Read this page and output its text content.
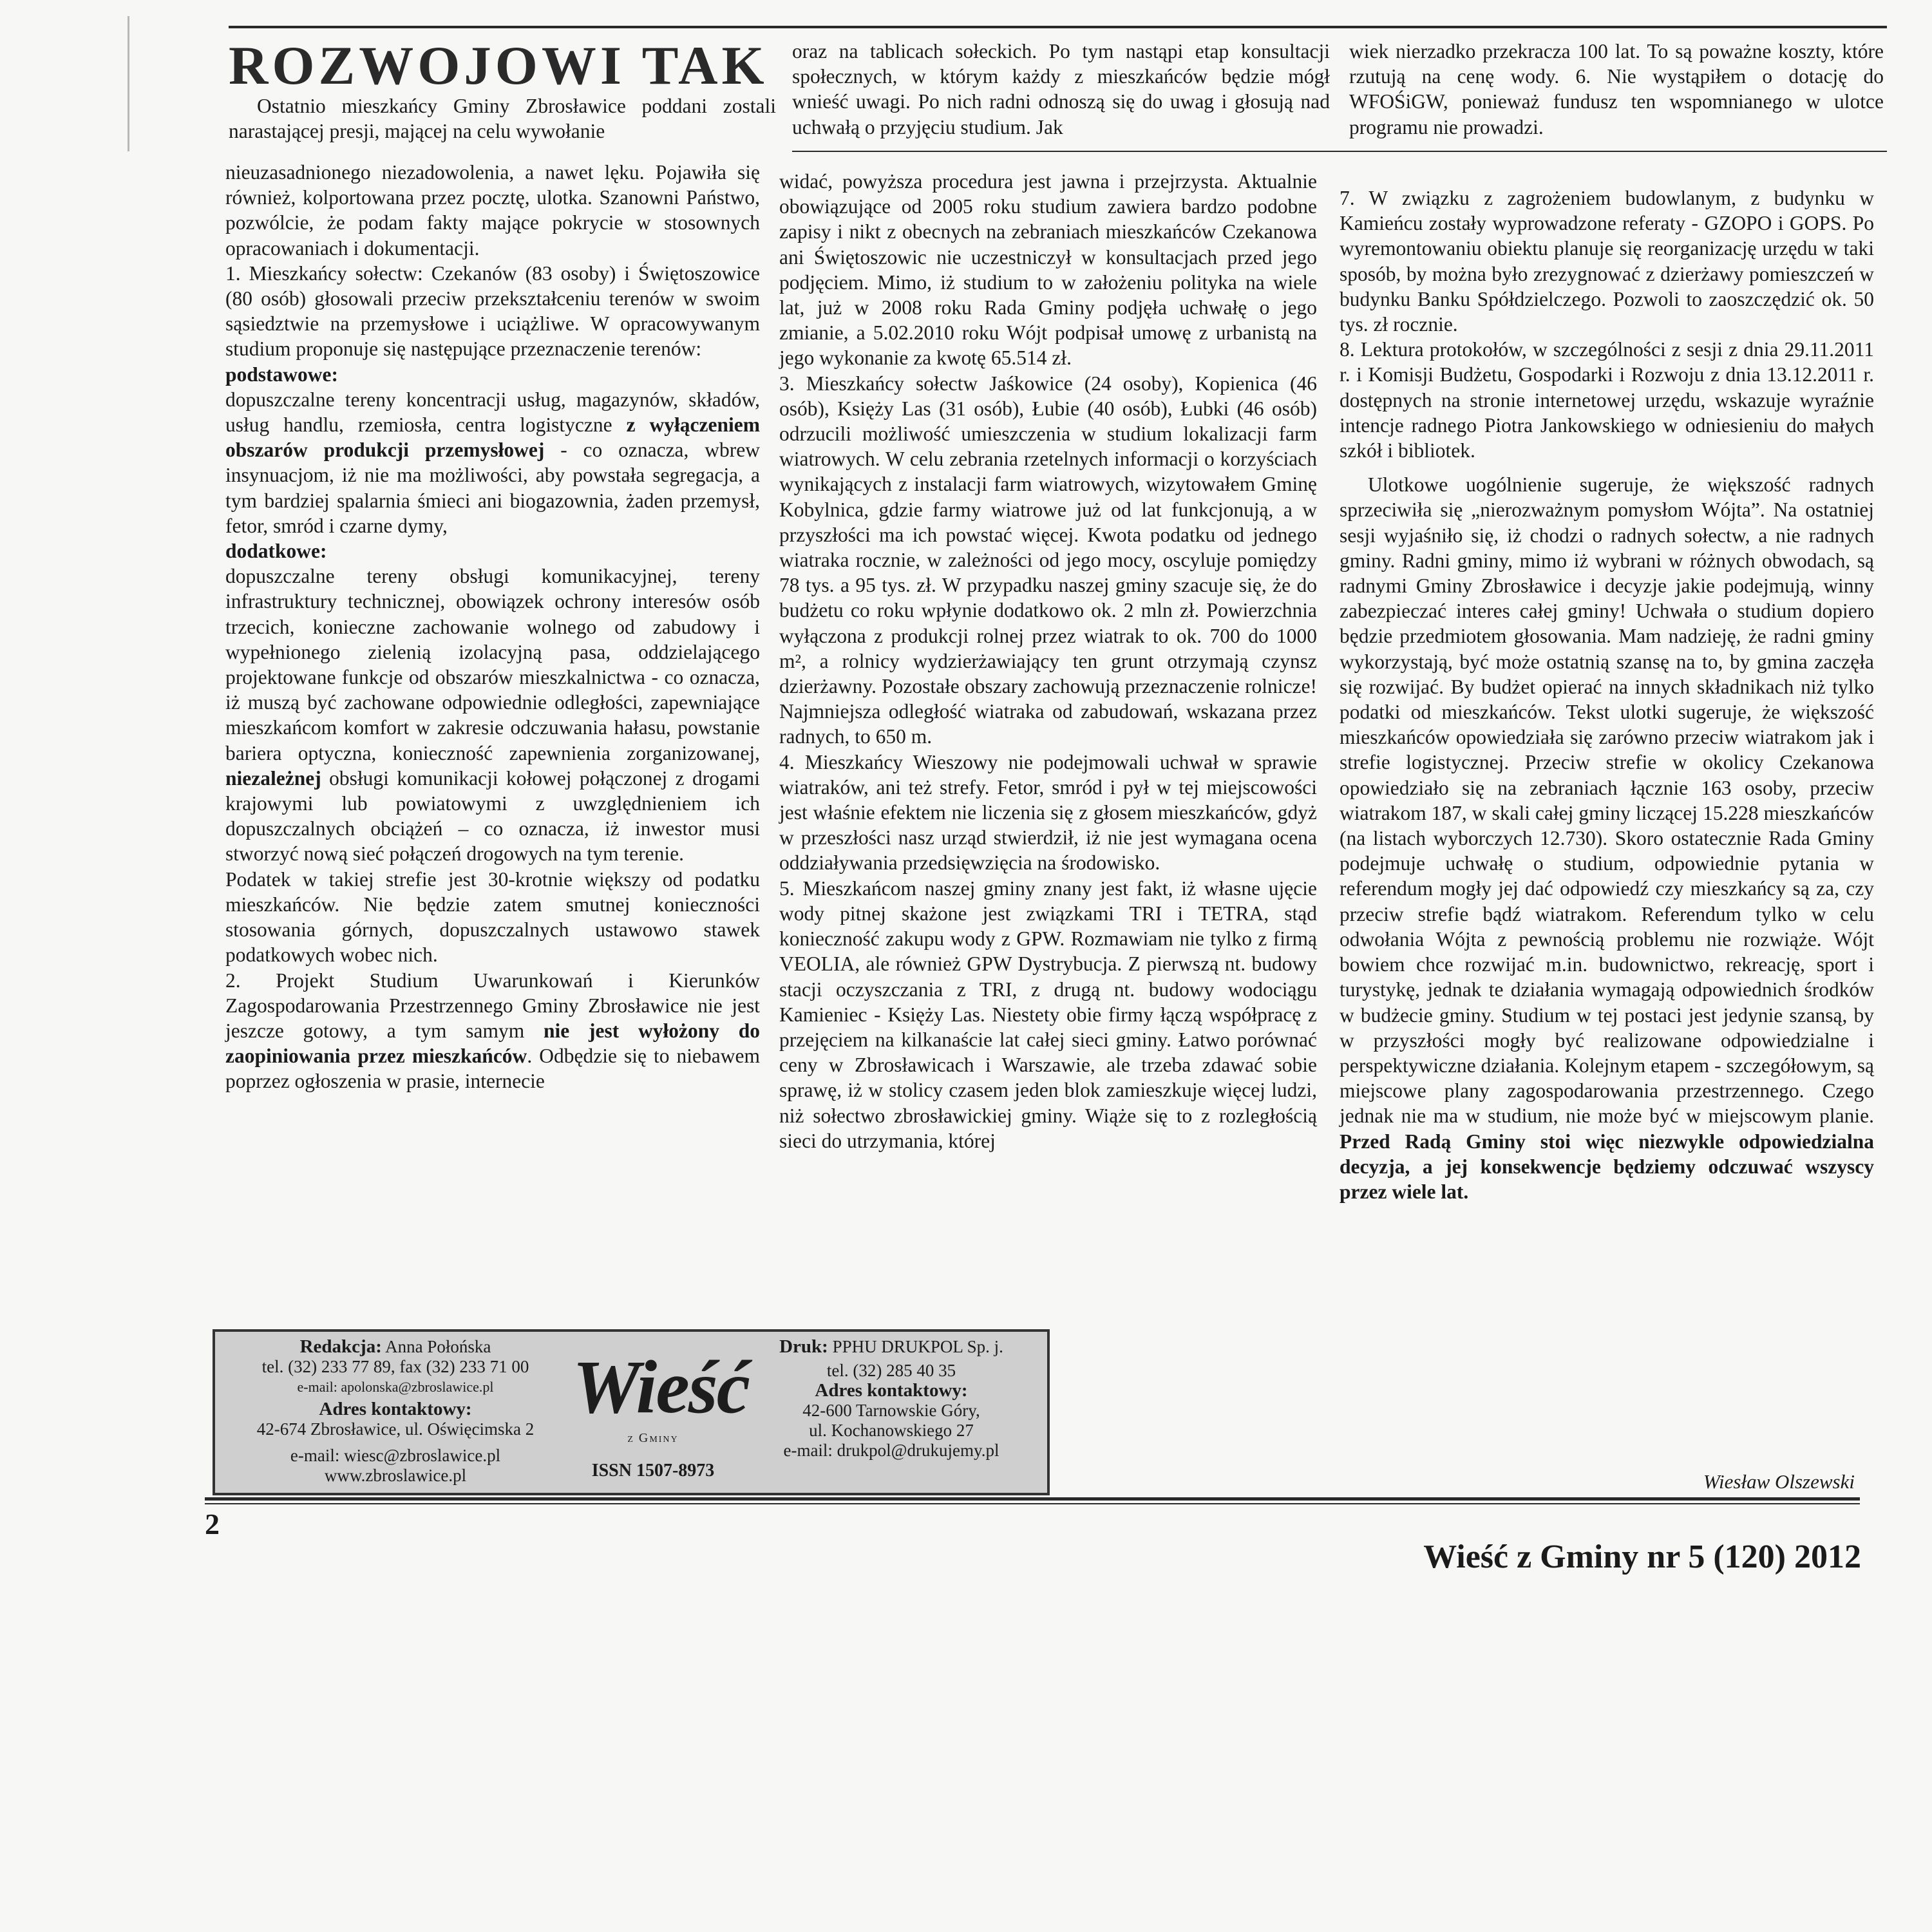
ROZWOJOWI TAK
Ostatnio mieszkańcy Gminy Zbrosławice poddani zostali narastającej presji, mającej na celu wywołanie
oraz na tablicach sołeckich. Po tym nastąpi etap konsultacji społecznych, w którym każdy z mieszkańców będzie mógł wnieść uwagi. Po nich radni odnoszą się do uwag i głosują nad uchwałą o przyjęciu studium. Jak
wiek nierzadko przekracza 100 lat. To są poważne koszty, które rzutują na cenę wody. 6. Nie wystąpiłem o dotację do WFOŚiGW, ponieważ fundusz ten wspomnianego w ulotce programu nie prowadzi.

nieuzasadnionego niezadowolenia, a nawet lęku. Pojawiła się również, kolportowana przez pocztę, ulotka. Szanowni Państwo, pozwólcie, że podam fakty mające pokrycie w stosownych opracowaniach i dokumentacji.

1. Mieszkańcy sołectw: Czekanów (83 osoby) i Świętoszowice (80 osób) głosowali przeciw przekształceniu terenów w swoim sąsiedztwie na przemysłowe i uciążliwe. W opracowywanym studium proponuje się następujące przeznaczenie terenów:

podstawowe:

dopuszczalne tereny koncentracji usług, magazynów, składów, usług handlu, rzemiosła, centra logistyczne z wyłączeniem obszarów produkcji przemysłowej - co oznacza, wbrew insynuacjom, iż nie ma możliwości, aby powstała segregacja, a tym bardziej spalarnia śmieci ani biogazownia, żaden przemysł, fetor, smród i czarne dymy,

dodatkowe:

dopuszczalne tereny obsługi komunikacyjnej, tereny infrastruktury technicznej, obowiązek ochrony interesów osób trzecich, konieczne zachowanie wolnego od zabudowy i wypełnionego zielenią izolacyjną pasa, oddzielającego projektowane funkcje od obszarów mieszkalnictwa - co oznacza, iż muszą być zachowane odpowiednie odległości, zapewniające mieszkańcom komfort w zakresie odczuwania hałasu, powstanie bariera optyczna, konieczność zapewnienia zorganizowanej, niezależnej obsługi komunikacji kołowej połączonej z drogami krajowymi lub powiatowymi z uwzględnieniem ich dopuszczalnych obciążeń – co oznacza, iż inwestor musi stworzyć nową sieć połączeń drogowych na tym terenie.

Podatek w takiej strefie jest 30-krotnie większy od podatku mieszkańców. Nie będzie zatem smutnej konieczności stosowania górnych, dopuszczalnych ustawowo stawek podatkowych wobec nich.

2. Projekt Studium Uwarunkowań i Kierunków Zagospodarowania Przestrzennego Gminy Zbrosławice nie jest jeszcze gotowy, a tym samym nie jest wyłożony do zaopiniowania przez mieszkańców. Odbędzie się to niebawem poprzez ogłoszenia w prasie, internecie

widać, powyższa procedura jest jawna i przejrzysta. Aktualnie obowiązujące od 2005 roku studium zawiera bardzo podobne zapisy i nikt z obecnych na zebraniach mieszkańców Czekanowa ani Świętoszowic nie uczestniczył w konsultacjach przed jego podjęciem. Mimo, iż studium to w założeniu polityka na wiele lat, już w 2008 roku Rada Gminy podjęła uchwałę o jego zmianie, a 5.02.2010 roku Wójt podpisał umowę z urbanistą na jego wykonanie za kwotę 65.514 zł.

3. Mieszkańcy sołectw Jaśkowice (24 osoby), Kopienica (46 osób), Księży Las (31 osób), Łubie (40 osób), Łubki (46 osób) odrzucili możliwość umieszczenia w studium lokalizacji farm wiatrowych. W celu zebrania rzetelnych informacji o korzyściach wynikających z instalacji farm wiatrowych, wizytowałem Gminę Kobylnica, gdzie farmy wiatrowe już od lat funkcjonują, a w przyszłości ma ich powstać więcej. Kwota podatku od jednego wiatraka rocznie, w zależności od jego mocy, oscyluje pomiędzy 78 tys. a 95 tys. zł. W przypadku naszej gminy szacuje się, że do budżetu co roku wpłynie dodatkowo ok. 2 mln zł. Powierzchnia wyłączona z produkcji rolnej przez wiatrak to ok. 700 do 1000 m², a rolnicy wydzierżawiający ten grunt otrzymają czynsz dzierżawny. Pozostałe obszary zachowują przeznaczenie rolnicze! Najmniejsza odległość wiatraka od zabudowań, wskazana przez radnych, to 650 m.

4. Mieszkańcy Wieszowy nie podejmowali uchwał w sprawie wiatraków, ani też strefy. Fetor, smród i pył w tej miejscowości jest właśnie efektem nie liczenia się z głosem mieszkańców, gdyż w przeszłości nasz urząd stwierdził, iż nie jest wymagana ocena oddziaływania przedsięwzięcia na środowisko.

5. Mieszkańcom naszej gminy znany jest fakt, iż własne ujęcie wody pitnej skażone jest związkami TRI i TETRA, stąd konieczność zakupu wody z GPW. Rozmawiam nie tylko z firmą VEOLIA, ale również GPW Dystrybucja. Z pierwszą nt. budowy stacji oczyszczania z TRI, z drugą nt. budowy wodociągu Kamieniec - Księży Las. Niestety obie firmy łączą współpracę z przejęciem na kilkanaście lat całej sieci gminy. Łatwo porównać ceny w Zbrosławicach i Warszawie, ale trzeba zdawać sobie sprawę, iż w stolicy czasem jeden blok zamieszkuje więcej ludzi, niż sołectwo zbrosławickiej gminy. Wiąże się to z rozległością sieci do utrzymania, której

7. W związku z zagrożeniem budowlanym, z budynku w Kamieńcu zostały wyprowadzone referaty - GZOPO i GOPS. Po wyremontowaniu obiektu planuje się reorganizację urzędu w taki sposób, by można było zrezygnować z dzierżawy pomieszczeń w budynku Banku Spółdzielczego. Pozwoli to zaoszczędzić ok. 50 tys. zł rocznie.

8. Lektura protokołów, w szczególności z sesji z dnia 29.11.2011 r. i Komisji Budżetu, Gospodarki i Rozwoju z dnia 13.12.2011 r. dostępnych na stronie internetowej urzędu, wskazuje wyraźnie intencje radnego Piotra Jankowskiego w odniesieniu do małych szkół i bibliotek.

Ulotkowe uogólnienie sugeruje, że większość radnych sprzeciwiła się „nierozważnym pomysłom Wójta”. Na ostatniej sesji wyjaśniło się, iż chodzi o radnych sołectw, a nie radnych gminy. Radni gminy, mimo iż wybrani w różnych obwodach, są radnymi Gminy Zbrosławice i decyzje jakie podejmują, winny zabezpieczać interes całej gminy! Uchwała o studium dopiero będzie przedmiotem głosowania. Mam nadzieję, że radni gminy wykorzystają, być może ostatnią szansę na to, by gmina zaczęła się rozwijać. By budżet opierać na innych składnikach niż tylko podatki od mieszkańców. Tekst ulotki sugeruje, że większość mieszkańców opowiedziała się zarówno przeciw wiatrakom jak i strefie logistycznej. Przeciw strefie w okolicy Czekanowa opowiedziało się na zebraniach łącznie 163 osoby, przeciw wiatrakom 187, w skali całej gminy liczącej 15.228 mieszkańców (na listach wyborczych 12.730). Skoro ostatecznie Rada Gminy podejmuje uchwałę o studium, odpowiednie pytania w referendum mogły jej dać odpowiedź czy mieszkańcy są za, czy przeciw strefie bądź wiatrakom. Referendum tylko w celu odwołania Wójta z pewnością problemu nie rozwiąże. Wójt bowiem chce rozwijać m.in. budownictwo, rekreację, sport i turystykę, jednak te działania wymagają odpowiednich środków w budżecie gminy. Studium w tej postaci jest jedynie szansą, by w przyszłości mogły być realizowane odpowiedzialne i perspektywiczne działania. Kolejnym etapem - szczegółowym, są miejscowe plany zagospodarowania przestrzennego. Czego jednak nie ma w studium, nie może być w miejscowym planie. Przed Radą Gminy stoi więc niezwykle odpowiedzialna decyzja, a jej konsekwencje będziemy odczuwać wszyscy przez wiele lat.

Redakcja: Anna Połońska
tel. (32) 233 77 89, fax (32) 233 71 00
e-mail: apolonska@zbroslawice.pl
Adres kontaktowy:
42-674 Zbrosławice, ul. Oświęcimska 2
e-mail: wiesc@zbroslawice.pl
www.zbroslawice.pl
Wieść
z Gminy
ISSN 1507-8973
Druk: PPHU DRUKPOL Sp. j.
tel. (32) 285 40 35
Adres kontaktowy:
42-600 Tarnowskie Góry,
ul. Kochanowskiego 27
e-mail: drukpol@drukujemy.pl
Wiesław Olszewski
2
Wieść z Gminy nr 5 (120) 2012
